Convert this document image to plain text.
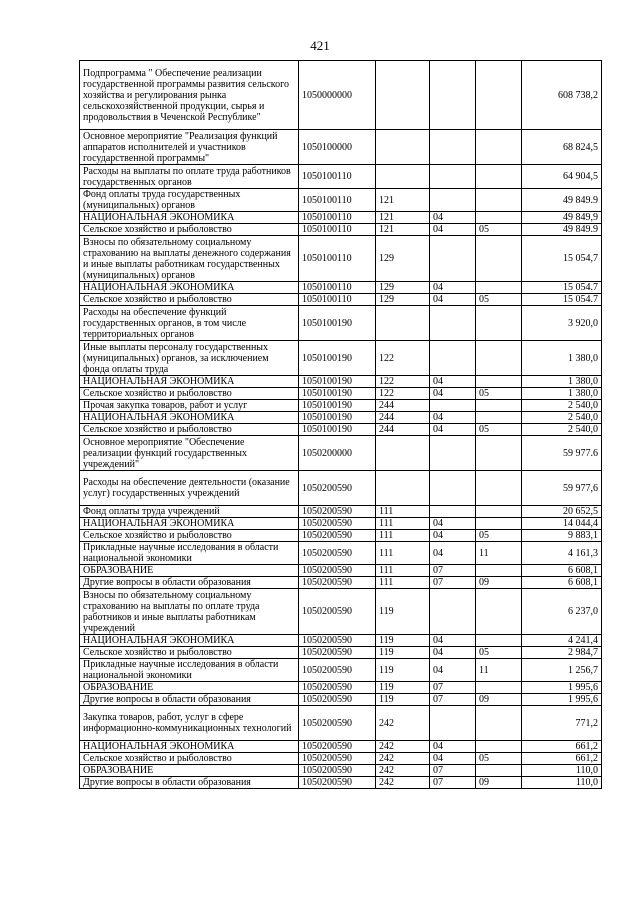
421
Подпрограмма " Обеспечение реализации государственной программы развития сельского хозяйства и регулирования рынка сельскохозяйственной продукции, сырья и продовольствия в Чеченской Республике"	1050000000				608 738,2
Основное мероприятие "Реализация функций аппаратов исполнителей и участников государственной программы"	1050100000				68 824,5
Расходы на выплаты по оплате труда работников государственных органов	1050100110				64 904,5
Фонд оплаты труда государственных (муниципальных) органов	1050100110	121			49 849.9
НАЦИОНАЛЬНАЯ ЭКОНОМИКА	1050100110	121	04		49 849,9
Сельское хозяйство и рыболовство	1050100110	121	04	05	49 849.9
Взносы по обязательному социальному страхованию на выплаты денежного содержания и иные выплаты работникам государственных (муниципальных) органов	1050100110	129			15 054,7
НАЦИОНАЛЬНАЯ ЭКОНОМИКА	1050100110	129	04		15 054.7
Сельское хозяйство и рыболовство	1050100110	129	04	05	15 054.7
Расходы на обеспечение функций государственных органов, в том числе территориальных органов	1050100190				3 920,0
Иные выплаты персоналу государственных (муниципальных) органов, за исключением фонда оплаты труда	1050100190	122			1 380,0
НАЦИОНАЛЬНАЯ ЭКОНОМИКА	1050100190	122	04		1 380,0
Сельское хозяйство и рыболовство	1050100190	122	04	05	1 380,0
Прочая закупка товаров, работ и услуг	1050100190	244			2 540,0
НАЦИОНАЛЬНАЯ ЭКОНОМИКА	1050100190	244	04		2 540,0
Сельское хозяйство и рыболовство	1050100190	244	04	05	2 540,0
Основное мероприятие "Обеспечение реализации функций государственных учреждений"	1050200000				59 977.6
Расходы на обеспечение деятельности (оказание услуг) государственных учреждений	1050200590				59 977,6
Фонд оплаты труда учреждений	1050200590	111			20 652,5
НАЦИОНАЛЬНАЯ ЭКОНОМИКА	1050200590	111	04		14 044,4
Сельское хозяйство и рыболовство	1050200590	111	04	05	9 883,1
Прикладные научные исследования в области национальной экономики	1050200590	111	04	11	4 161,3
ОБРАЗОВАНИЕ	1050200590	111	07		6 608,1
Другие вопросы в области образования	1050200590	111	07	09	6 608,1
Взносы по обязательному социальному страхованию на выплаты по оплате труда работников и иные выплаты работникам учреждений	1050200590	119			6 237,0
НАЦИОНАЛЬНАЯ ЭКОНОМИКА	1050200590	119	04		4 241,4
Сельское хозяйство и рыболовство	1050200590	119	04	05	2 984,7
Прикладные научные исследования в области национальной экономики	1050200590	119	04	11	1 256,7
ОБРАЗОВАНИЕ	1050200590	119	07		1 995,6
Другие вопросы в области образования	1050200590	119	07	09	1 995,6
Закупка товаров, работ, услуг в сфере информационно-коммуникационных технологий	1050200590	242			771,2
НАЦИОНАЛЬНАЯ ЭКОНОМИКА	1050200590	242	04		661,2
Сельское хозяйство и рыболовство	1050200590	242	04	05	661,2
ОБРАЗОВАНИЕ	1050200590	242	07		110,0
Другие вопросы в области образования	1050200590	242	07	09	110,0
